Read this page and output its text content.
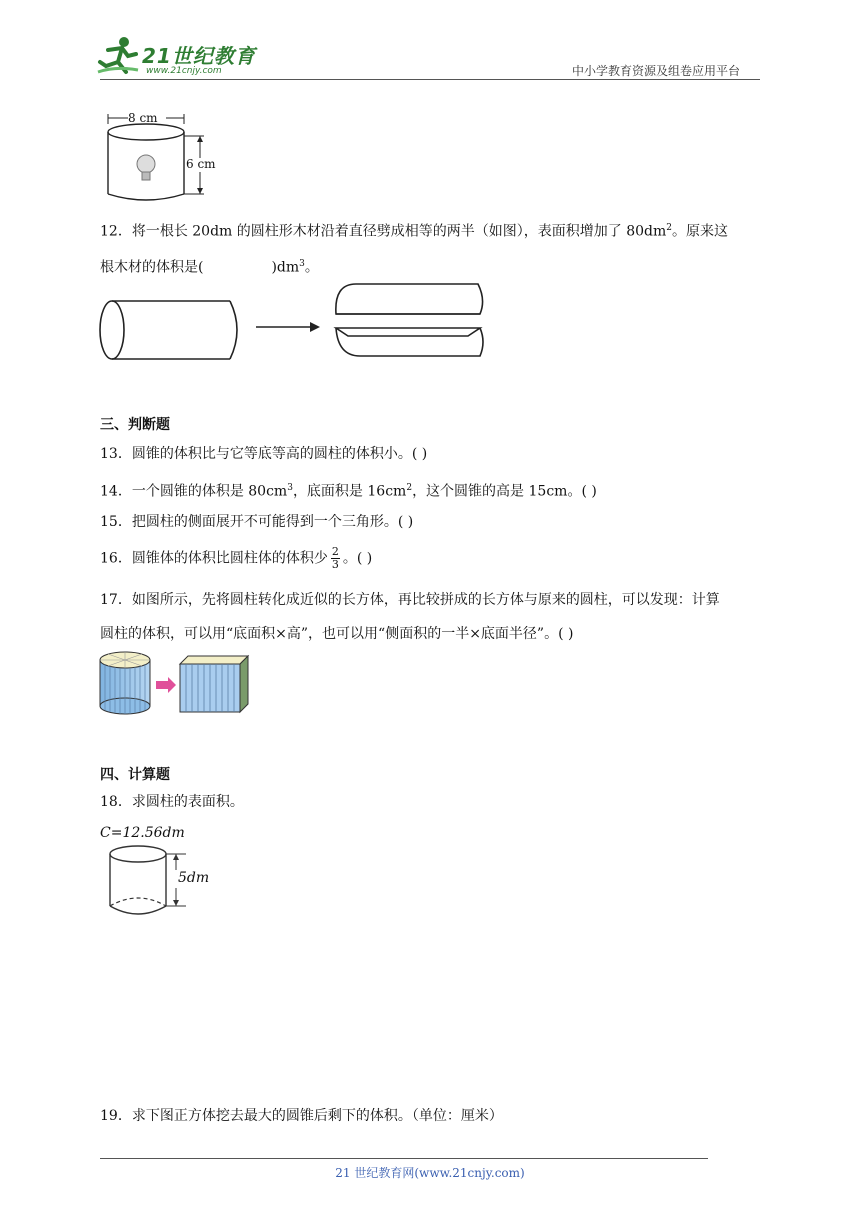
21世纪教育
www.21cnjy.com	中小学教育资源及组卷应用平台
8 cm
6 cm
12．将一根长 20dm 的圆柱形木材沿着直径劈成相等的两半（如图），表面积增加了 $80dm^2$。原来这
根木材的体积是(	)$dm^3$。
三、判断题
13．圆锥的体积比与它等底等高的圆柱的体积小。( )
14．一个圆锥的体积是 $80cm^3$，底面积是 $16cm^2$，这个圆锥的高是 15cm。( )
15．把圆柱的侧面展开不可能得到一个三角形。( )
16．圆锥体的体积比圆柱体的体积少 $\frac{2}{3}$ 。( )
17．如图所示，先将圆柱转化成近似的长方体，再比较拼成的长方体与原来的圆柱，可以发现：计算
圆柱的体积，可以用“底面积×高”，也可以用“侧面积的一半×底面半径”。( )
四、计算题
18．求圆柱的表面积。
C=12.56dm
5dm
19．求下图正方体挖去最大的圆锥后剩下的体积。（单位：厘米）
21 世纪教育网(www.21cnjy.com)
